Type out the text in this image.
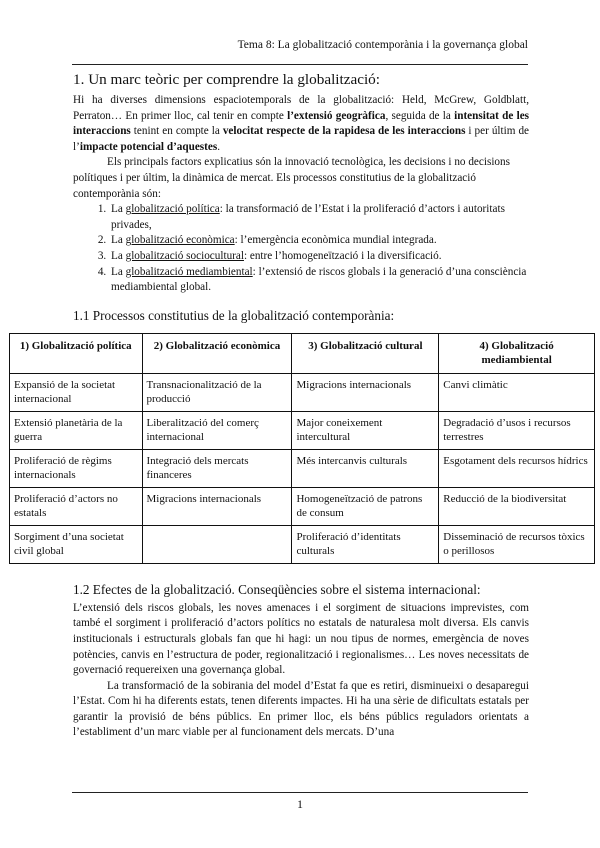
Tema 8: La globalització contemporània i la governança global
1. Un marc teòric per comprendre la globalització:

Hi ha diverses dimensions espaciotemporals de la globalització: Held, McGrew, Goldblatt, Perraton… En primer lloc, cal tenir en compte l’extensió geogràfica, seguida de la intensitat de les interaccions tenint en compte la velocitat respecte de la rapidesa de les interaccions i per últim de l’impacte potencial d’aquestes.

Els principals factors explicatius són la innovació tecnològica, les decisions i no decisions polítiques i per últim, la dinàmica de mercat. Els processos constitutius de la globalització contemporània són:

1. La globalització política: la transformació de l’Estat i la proliferació d’actors i autoritats privades,
2. La globalització econòmica: l’emergència econòmica mundial integrada.
3. La globalització sociocultural: entre l’homogeneïtzació i la diversificació.
4. La globalització mediambiental: l’extensió de riscos globals i la generació d’una consciència mediambiental global.
1.1 Processos constitutius de la globalització contemporània:
1) Globalització política	2) Globalització econòmica	3) Globalització cultural	4) Globalització mediambiental
Expansió de la societat internacional	Transnacionalització de la producció	Migracions internacionals	Canvi climàtic
Extensió planetària de la guerra	Liberalització del comerç internacional	Major coneixement intercultural	Degradació d’usos i recursos terrestres
Proliferació de règims internacionals	Integració dels mercats financeres	Més intercanvis culturals	Esgotament dels recursos hídrics
Proliferació d’actors no estatals	Migracions internacionals	Homogeneïtzació de patrons de consum	Reducció de la biodiversitat
Sorgiment d’una societat civil global		Proliferació d’identitats culturals	Disseminació de recursos tòxics o perillosos
1.2 Efectes de la globalització. Conseqüències sobre el sistema internacional:

L’extensió dels riscos globals, les noves amenaces i el sorgiment de situacions imprevistes, com també el sorgiment i proliferació d’actors polítics no estatals de naturalesa molt diversa. Els canvis institucionals i estructurals globals fan que hi hagi: un nou tipus de normes, emergència de noves potències, canvis en l’estructura de poder, regionalització i regionalismes… Les noves necessitats de governació requereixen una governança global.

La transformació de la sobirania del model d’Estat fa que es retiri, disminueixi o desaparegui l’Estat. Com hi ha diferents estats, tenen diferents impactes. Hi ha una sèrie de dificultats estatals per garantir la provisió de béns públics. En primer lloc, els béns públics reguladors orientats a l’establiment d’un marc viable per al funcionament dels mercats. D’una

1
